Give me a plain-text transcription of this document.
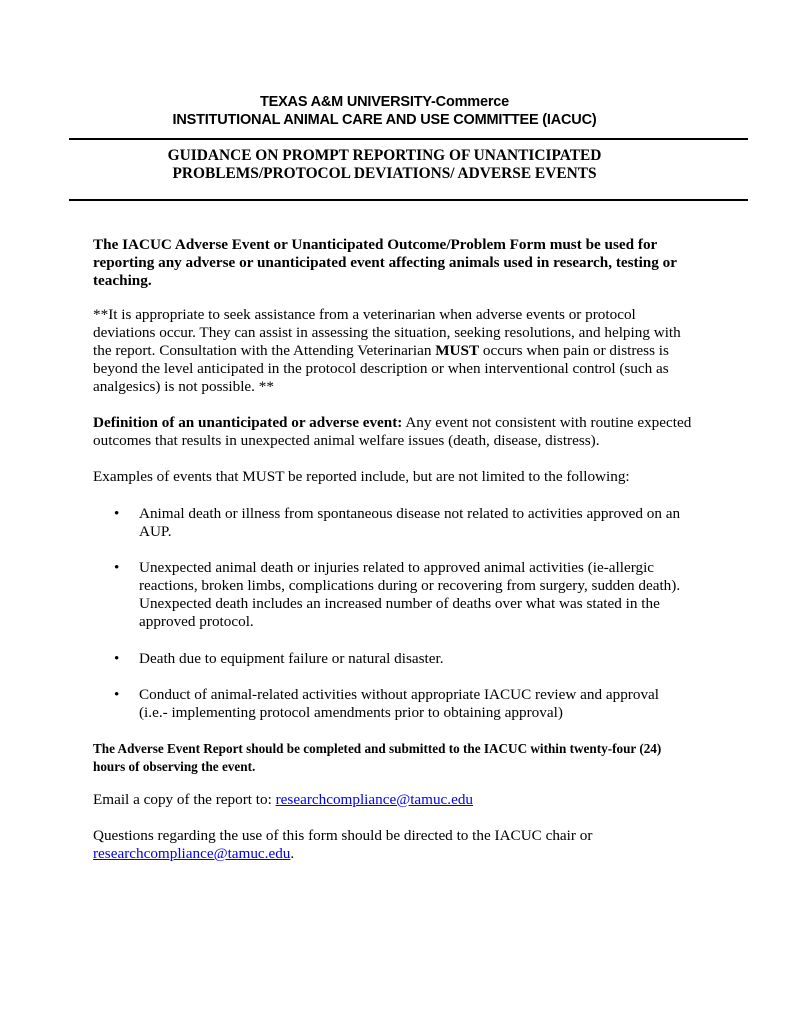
TEXAS A&M UNIVERSITY-Commerce
INSTITUTIONAL ANIMAL CARE AND USE COMMITTEE (IACUC)
GUIDANCE ON PROMPT REPORTING OF UNANTICIPATED
PROBLEMS/PROTOCOL DEVIATIONS/ ADVERSE EVENTS
The IACUC Adverse Event or Unanticipated Outcome/Problem Form must be used for reporting any adverse or unanticipated event affecting animals used in research, testing or teaching.
**It is appropriate to seek assistance from a veterinarian when adverse events or protocol deviations occur. They can assist in assessing the situation, seeking resolutions, and helping with the report. Consultation with the Attending Veterinarian MUST occurs when pain or distress is beyond the level anticipated in the protocol description or when interventional control (such as analgesics) is not possible. **
Definition of an unanticipated or adverse event: Any event not consistent with routine expected outcomes that results in unexpected animal welfare issues (death, disease, distress).
Examples of events that MUST be reported include, but are not limited to the following:
• Animal death or illness from spontaneous disease not related to activities approved on an AUP.
• Unexpected animal death or injuries related to approved animal activities (ie-allergic reactions, broken limbs, complications during or recovering from surgery, sudden death). Unexpected death includes an increased number of deaths over what was stated in the approved protocol.
• Death due to equipment failure or natural disaster.
• Conduct of animal-related activities without appropriate IACUC review and approval (i.e.- implementing protocol amendments prior to obtaining approval)
The Adverse Event Report should be completed and submitted to the IACUC within twenty-four (24) hours of observing the event.
Email a copy of the report to: researchcompliance@tamuc.edu
Questions regarding the use of this form should be directed to the IACUC chair or researchcompliance@tamuc.edu.
